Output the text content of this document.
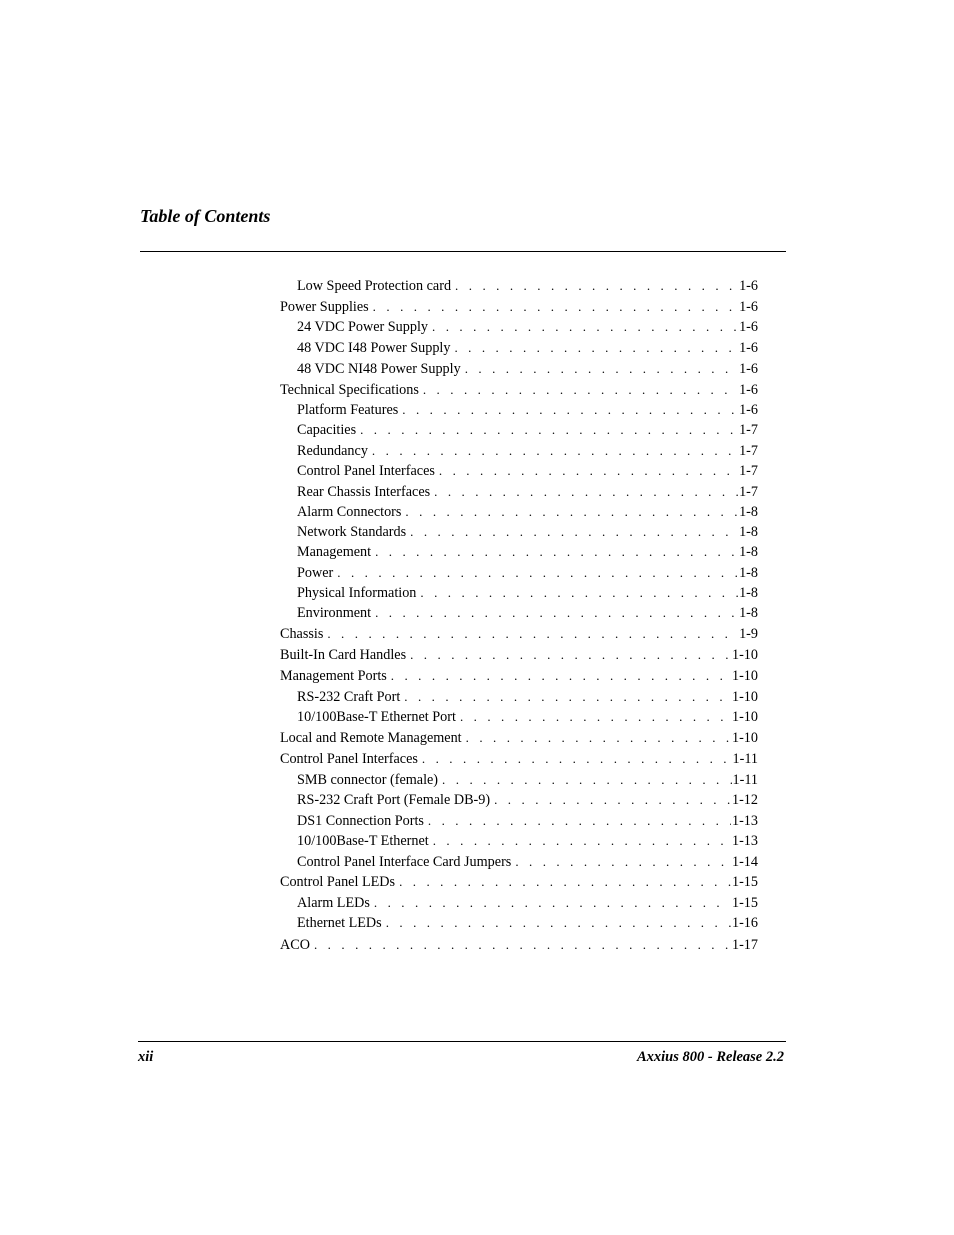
Table of Contents
Low Speed Protection card . . .	1-6
Power Supplies . . .	1-6
24 VDC Power Supply . . .	1-6
48 VDC I48 Power Supply . . .	1-6
48 VDC NI48 Power Supply . . .	1-6
Technical Specifications . . .	1-6
Platform Features . . .	1-6
Capacities . . .	1-7
Redundancy . . .	1-7
Control Panel Interfaces . . .	1-7
Rear Chassis Interfaces . . .	1-7
Alarm Connectors . . .	1-8
Network Standards . . .	1-8
Management . . .	1-8
Power . . .	1-8
Physical Information . . .	1-8
Environment . . .	1-8
Chassis . . .	1-9
Built-In Card Handles . . .	1-10
Management Ports . . .	1-10
RS-232 Craft Port . . .	1-10
10/100Base-T Ethernet Port . . .	1-10
Local and Remote Management . . .	1-10
Control Panel Interfaces . . .	1-11
SMB connector (female) . . .	1-11
RS-232 Craft Port (Female DB-9) . . .	1-12
DS1 Connection Ports . . .	1-13
10/100Base-T Ethernet . . .	1-13
Control Panel Interface Card Jumpers . . .	1-14
Control Panel LEDs . . .	1-15
Alarm LEDs . . .	1-15
Ethernet LEDs . . .	1-16
ACO . . .	1-17
xii	Axxius 800 - Release 2.2
